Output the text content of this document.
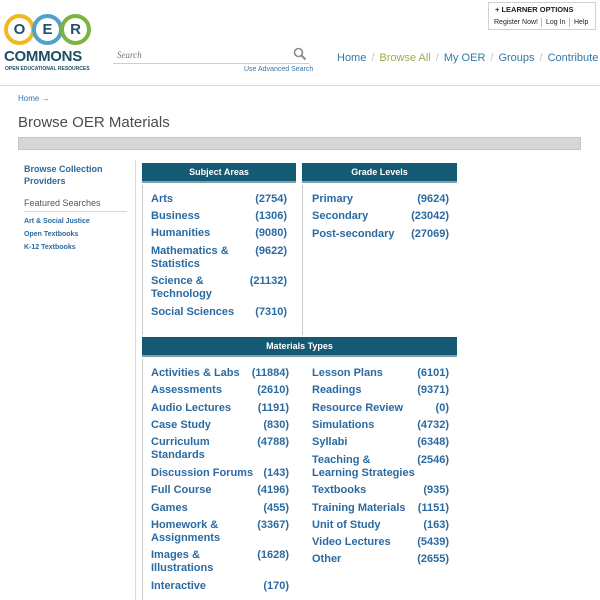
O	E	R
COMMONS
OPEN EDUCATIONAL RESOURCES
Search	Use Advanced Search
+ LEARNER OPTIONS
Register Now! Log In Help
Home / Browse All / My OER / Groups / Contribute
Home →
Browse OER Materials
Browse Collection Providers
Featured Searches
Art & Social Justice
Open Textbooks
K-12 Textbooks
Subject Areas
Arts	(2754)
Business	(1306)
Humanities	(9080)
Mathematics & Statistics
(9622)
Science & Technology
(21132)
Social Sciences (7310)
Grade Levels
Primary	(9624)
Secondary	(23042)
Post-secondary (27069)
Materials Types
Activities & Labs (11884)
Assessments	(2610)
Audio Lectures (1191)
Case Study	(830)
Curriculum Standards
(4788)
Discussion Forums (143)
Full Course	(4196)
Games	(455)
Homework & Assignments
(3367)
Images & Illustrations
(1628)
Interactive	(170)
Lesson Plans	(6101)
Readings	(9371)
Resource Review	(0)
Simulations	(4732)
Syllabi	(6348)
Teaching & Learning Strategies
(2546)
Textbooks	(935)
Training Materials (1151)
Unit of Study	(163)
Video Lectures (5439)
Other	(2655)
